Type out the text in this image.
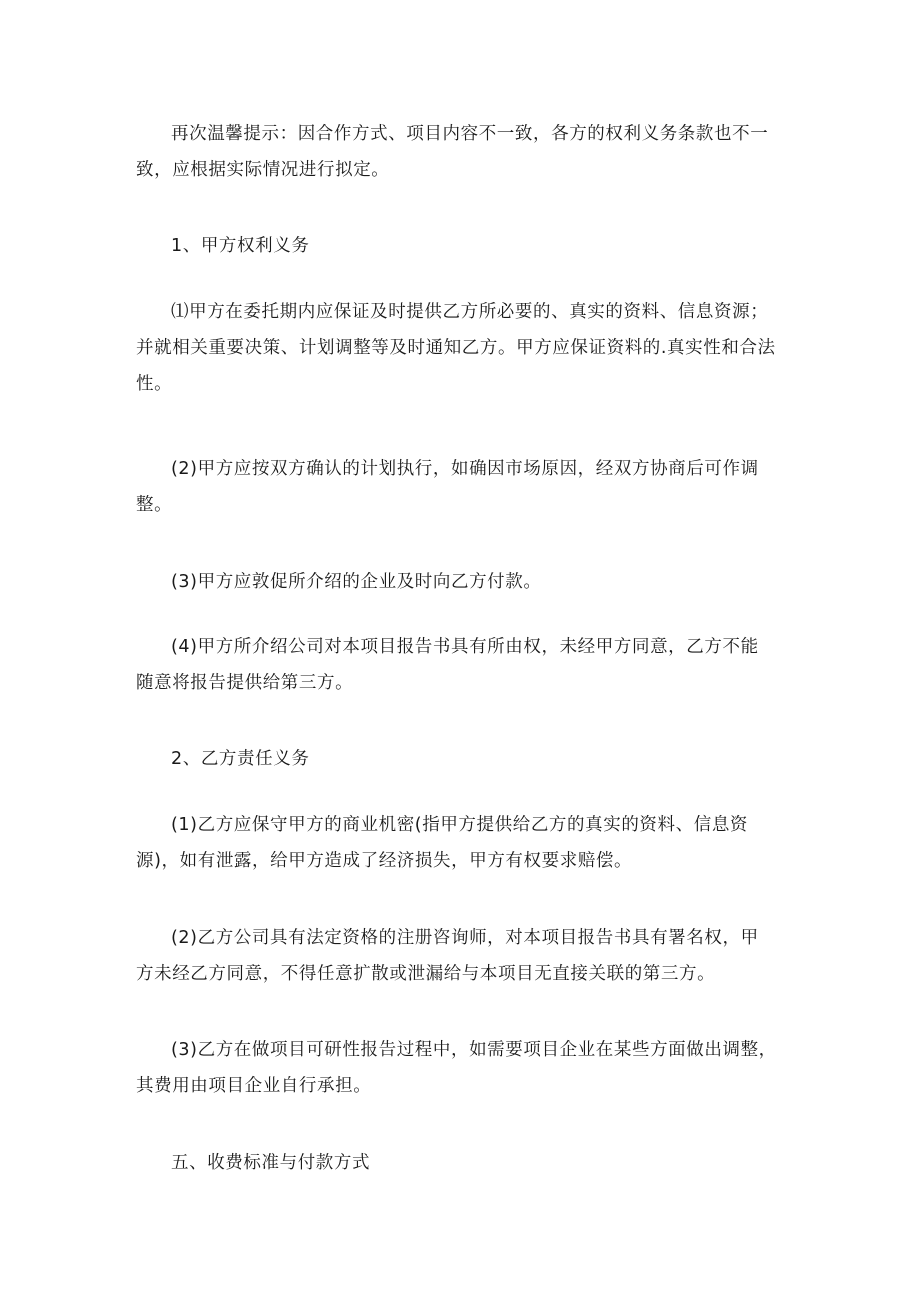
再次温馨提示：因合作方式、项目内容不一致，各方的权利义务条款也不一
致，应根据实际情况进行拟定。
1、甲方权利义务
⑴甲方在委托期内应保证及时提供乙方所必要的、真实的资料、信息资源；
并就相关重要决策、计划调整等及时通知乙方。甲方应保证资料的.真实性和合法
性。
(2)甲方应按双方确认的计划执行，如确因市场原因，经双方协商后可作调
整。
(3)甲方应敦促所介绍的企业及时向乙方付款。
(4)甲方所介绍公司对本项目报告书具有所由权，未经甲方同意，乙方不能
随意将报告提供给第三方。
2、乙方责任义务
(1)乙方应保守甲方的商业机密(指甲方提供给乙方的真实的资料、信息资
源)，如有泄露，给甲方造成了经济损失，甲方有权要求赔偿。
(2)乙方公司具有法定资格的注册咨询师，对本项目报告书具有署名权，甲
方未经乙方同意，不得任意扩散或泄漏给与本项目无直接关联的第三方。
(3)乙方在做项目可研性报告过程中，如需要项目企业在某些方面做出调整，
其费用由项目企业自行承担。
五、收费标准与付款方式
